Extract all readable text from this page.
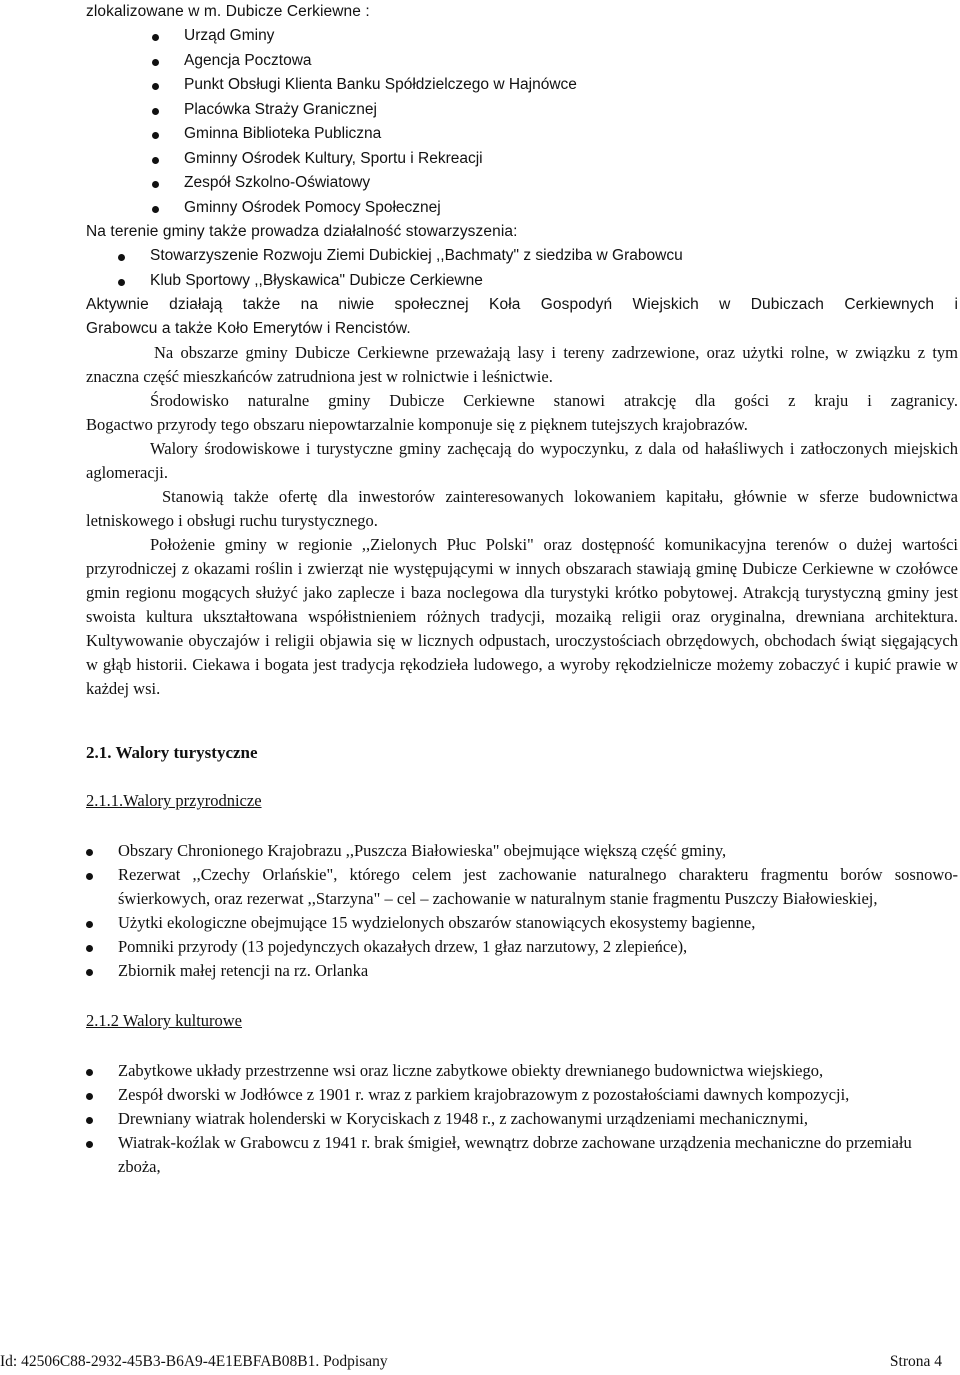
zlokalizowane w m. Dubicze Cerkiewne :

Urząd Gminy
Agencja Pocztowa
Punkt Obsługi Klienta Banku Spółdzielczego w Hajnówce
Placówka Straży Granicznej
Gminna Biblioteka Publiczna
Gminny Ośrodek Kultury, Sportu i Rekreacji
Zespół Szkolno-Oświatowy
Gminny Ośrodek Pomocy Społecznej

Na terenie gminy także prowadza działalność stowarzyszenia:

Stowarzyszenie Rozwoju Ziemi Dubickiej ,,Bachmaty" z siedziba w Grabowcu
Klub Sportowy ,,Błyskawica" Dubicze Cerkiewne

Aktywnie działają także na niwie społecznej Koła Gospodyń Wiejskich w Dubiczach Cerkiewnych i

Grabowcu a także Koło Emerytów i Rencistów.

Na obszarze gminy Dubicze Cerkiewne przeważają lasy i tereny zadrzewione, oraz użytki rolne, w związku z tym znaczna część mieszkańców zatrudniona jest w rolnictwie i leśnictwie.

Środowisko naturalne gminy Dubicze Cerkiewne stanowi atrakcję dla gości z kraju i zagranicy.

Bogactwo przyrody tego obszaru niepowtarzalnie komponuje się z pięknem tutejszych krajobrazów.

Walory środowiskowe i turystyczne gminy zachęcają do wypoczynku, z dala od hałaśliwych i zatłoczonych miejskich aglomeracji.

Stanowią także ofertę dla inwestorów zainteresowanych lokowaniem kapitału, głównie w sferze budownictwa letniskowego i obsługi ruchu turystycznego.

Położenie gminy w regionie ,,Zielonych Płuc Polski" oraz dostępność komunikacyjna terenów o dużej wartości przyrodniczej z okazami roślin i zwierząt nie występującymi w innych obszarach stawiają gminę Dubicze Cerkiewne w czołówce gmin regionu mogących służyć jako zaplecze i baza noclegowa dla turystyki krótko pobytowej. Atrakcją turystyczną gminy jest swoista kultura ukształtowana współistnieniem różnych tradycji, mozaiką religii oraz oryginalna, drewniana architektura. Kultywowanie obyczajów i religii objawia się w licznych odpustach, uroczystościach obrzędowych, obchodach świąt sięgających w głąb historii. Ciekawa i bogata jest tradycja rękodzieła ludowego, a wyroby rękodzielnicze możemy zobaczyć i kupić prawie w każdej wsi.

2.1. Walory turystyczne

2.1.1.Walory przyrodnicze

Obszary Chronionego Krajobrazu ,,Puszcza Białowieska" obejmujące większą część gminy,
Rezerwat ,,Czechy Orlańskie", którego celem jest zachowanie naturalnego charakteru fragmentu borów sosnowo- świerkowych, oraz rezerwat ,,Starzyna" – cel – zachowanie w naturalnym stanie fragmentu Puszczy Białowieskiej,
Użytki ekologiczne obejmujące 15 wydzielonych obszarów stanowiących ekosystemy bagienne,
Pomniki przyrody (13 pojedynczych okazałych drzew, 1 głaz narzutowy, 2 zlepieńce),
Zbiornik małej retencji na rz. Orlanka

2.1.2 Walory kulturowe

Zabytkowe układy przestrzenne wsi oraz liczne zabytkowe obiekty drewnianego budownictwa wiejskiego,
Zespół dworski w Jodłówce z 1901 r. wraz z parkiem krajobrazowym z pozostałościami dawnych kompozycji,
Drewniany wiatrak holenderski w Koryciskach z 1948 r., z zachowanymi urządzeniami mechanicznymi,
Wiatrak-koźlak w Grabowcu z 1941 r. brak śmigieł, wewnątrz dobrze zachowane urządzenia mechaniczne do przemiału zboża,
Id: 42506C88-2932-45B3-B6A9-4E1EBFAB08B1. Podpisany	Strona 4
